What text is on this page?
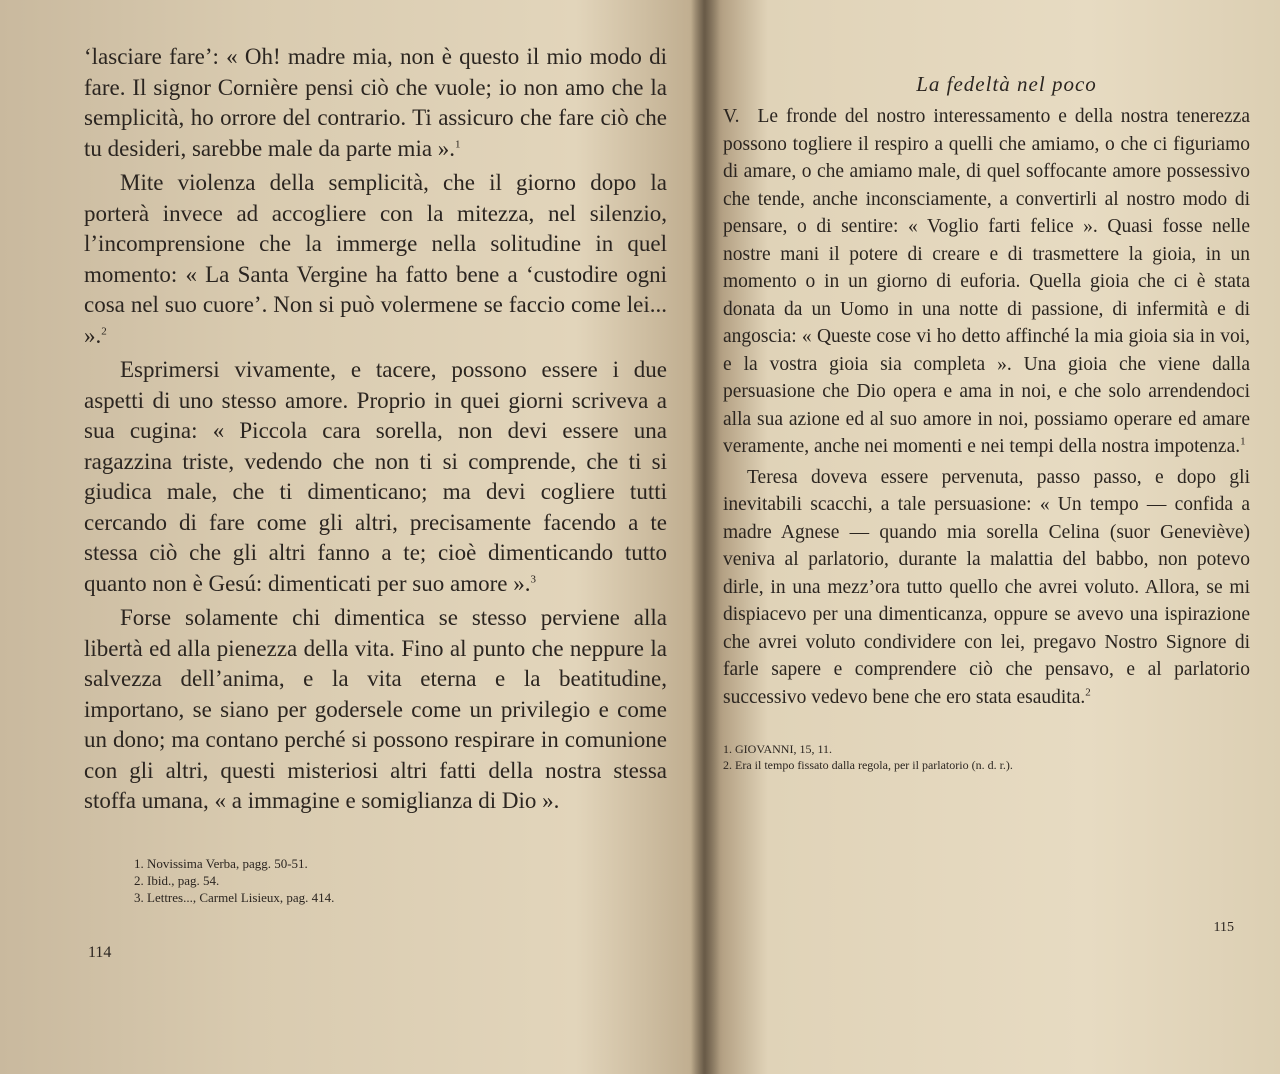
‘lasciare fare’: « Oh! madre mia, non è questo il mio modo di fare. Il signor Cornière pensi ciò che vuole; io non amo che la semplicità, ho orrore del contrario. Ti assicuro che fare ciò che tu desideri, sarebbe male da parte mia ».$^1$

Mite violenza della semplicità, che il giorno dopo la porterà invece ad accogliere con la mitezza, nel silenzio, l’incomprensione che la immerge nella solitudine in quel momento: « La Santa Vergine ha fatto bene a ‘custodire ogni cosa nel suo cuore’. Non si può volermene se faccio come lei... ».$^2$

Esprimersi vivamente, e tacere, possono essere i due aspetti di uno stesso amore. Proprio in quei giorni scriveva a sua cugina: « Piccola cara sorella, non devi essere una ragazzina triste, vedendo che non ti si comprende, che ti si giudica male, che ti dimenticano; ma devi cogliere tutti cercando di fare come gli altri, precisamente facendo a te stessa ciò che gli altri fanno a te; cioè dimenticando tutto quanto non è Gesú: dimenticati per suo amore ».$^3$

Forse solamente chi dimentica se stesso perviene alla libertà ed alla pienezza della vita. Fino al punto che neppure la salvezza dell’anima, e la vita eterna e la beatitudine, importano, se siano per godersele come un privilegio e come un dono; ma contano perché si possono respirare in comunione con gli altri, questi misteriosi altri fatti della nostra stessa stoffa umana, « a immagine e somiglianza di Dio ».

1. Novissima Verba, pagg. 50-51.
2. Ibid., pag. 54.
3. Lettres..., Carmel Lisieux, pag. 414.
114
La fedeltà nel poco

V. Le fronde del nostro interessamento e della nostra tenerezza possono togliere il respiro a quelli che amiamo, o che ci figuriamo di amare, o che amiamo male, di quel soffocante amore possessivo che tende, anche inconsciamente, a convertirli al nostro modo di pensare, o di sentire: « Voglio farti felice ». Quasi fosse nelle nostre mani il potere di creare e di trasmettere la gioia, in un momento o in un giorno di euforia. Quella gioia che ci è stata donata da un Uomo in una notte di passione, di infermità e di angoscia: « Queste cose vi ho detto affinché la mia gioia sia in voi, e la vostra gioia sia completa ». Una gioia che viene dalla persuasione che Dio opera e ama in noi, e che solo arrendendoci alla sua azione ed al suo amore in noi, possiamo operare ed amare veramente, anche nei momenti e nei tempi della nostra impotenza.$^1$

Teresa doveva essere pervenuta, passo passo, e dopo gli inevitabili scacchi, a tale persuasione: « Un tempo — confida a madre Agnese — quando mia sorella Celina (suor Geneviève) veniva al parlatorio, durante la malattia del babbo, non potevo dirle, in una mezz’ora tutto quello che avrei voluto. Allora, se mi dispiacevo per una dimenticanza, oppure se avevo una ispirazione che avrei voluto condividere con lei, pregavo Nostro Signore di farle sapere e comprendere ciò che pensavo, e al parlatorio successivo vedevo bene che ero stata esaudita.$^2$

1. GIOVANNI, 15, 11.
2. Era il tempo fissato dalla regola, per il parlatorio (n. d. r.).
115
